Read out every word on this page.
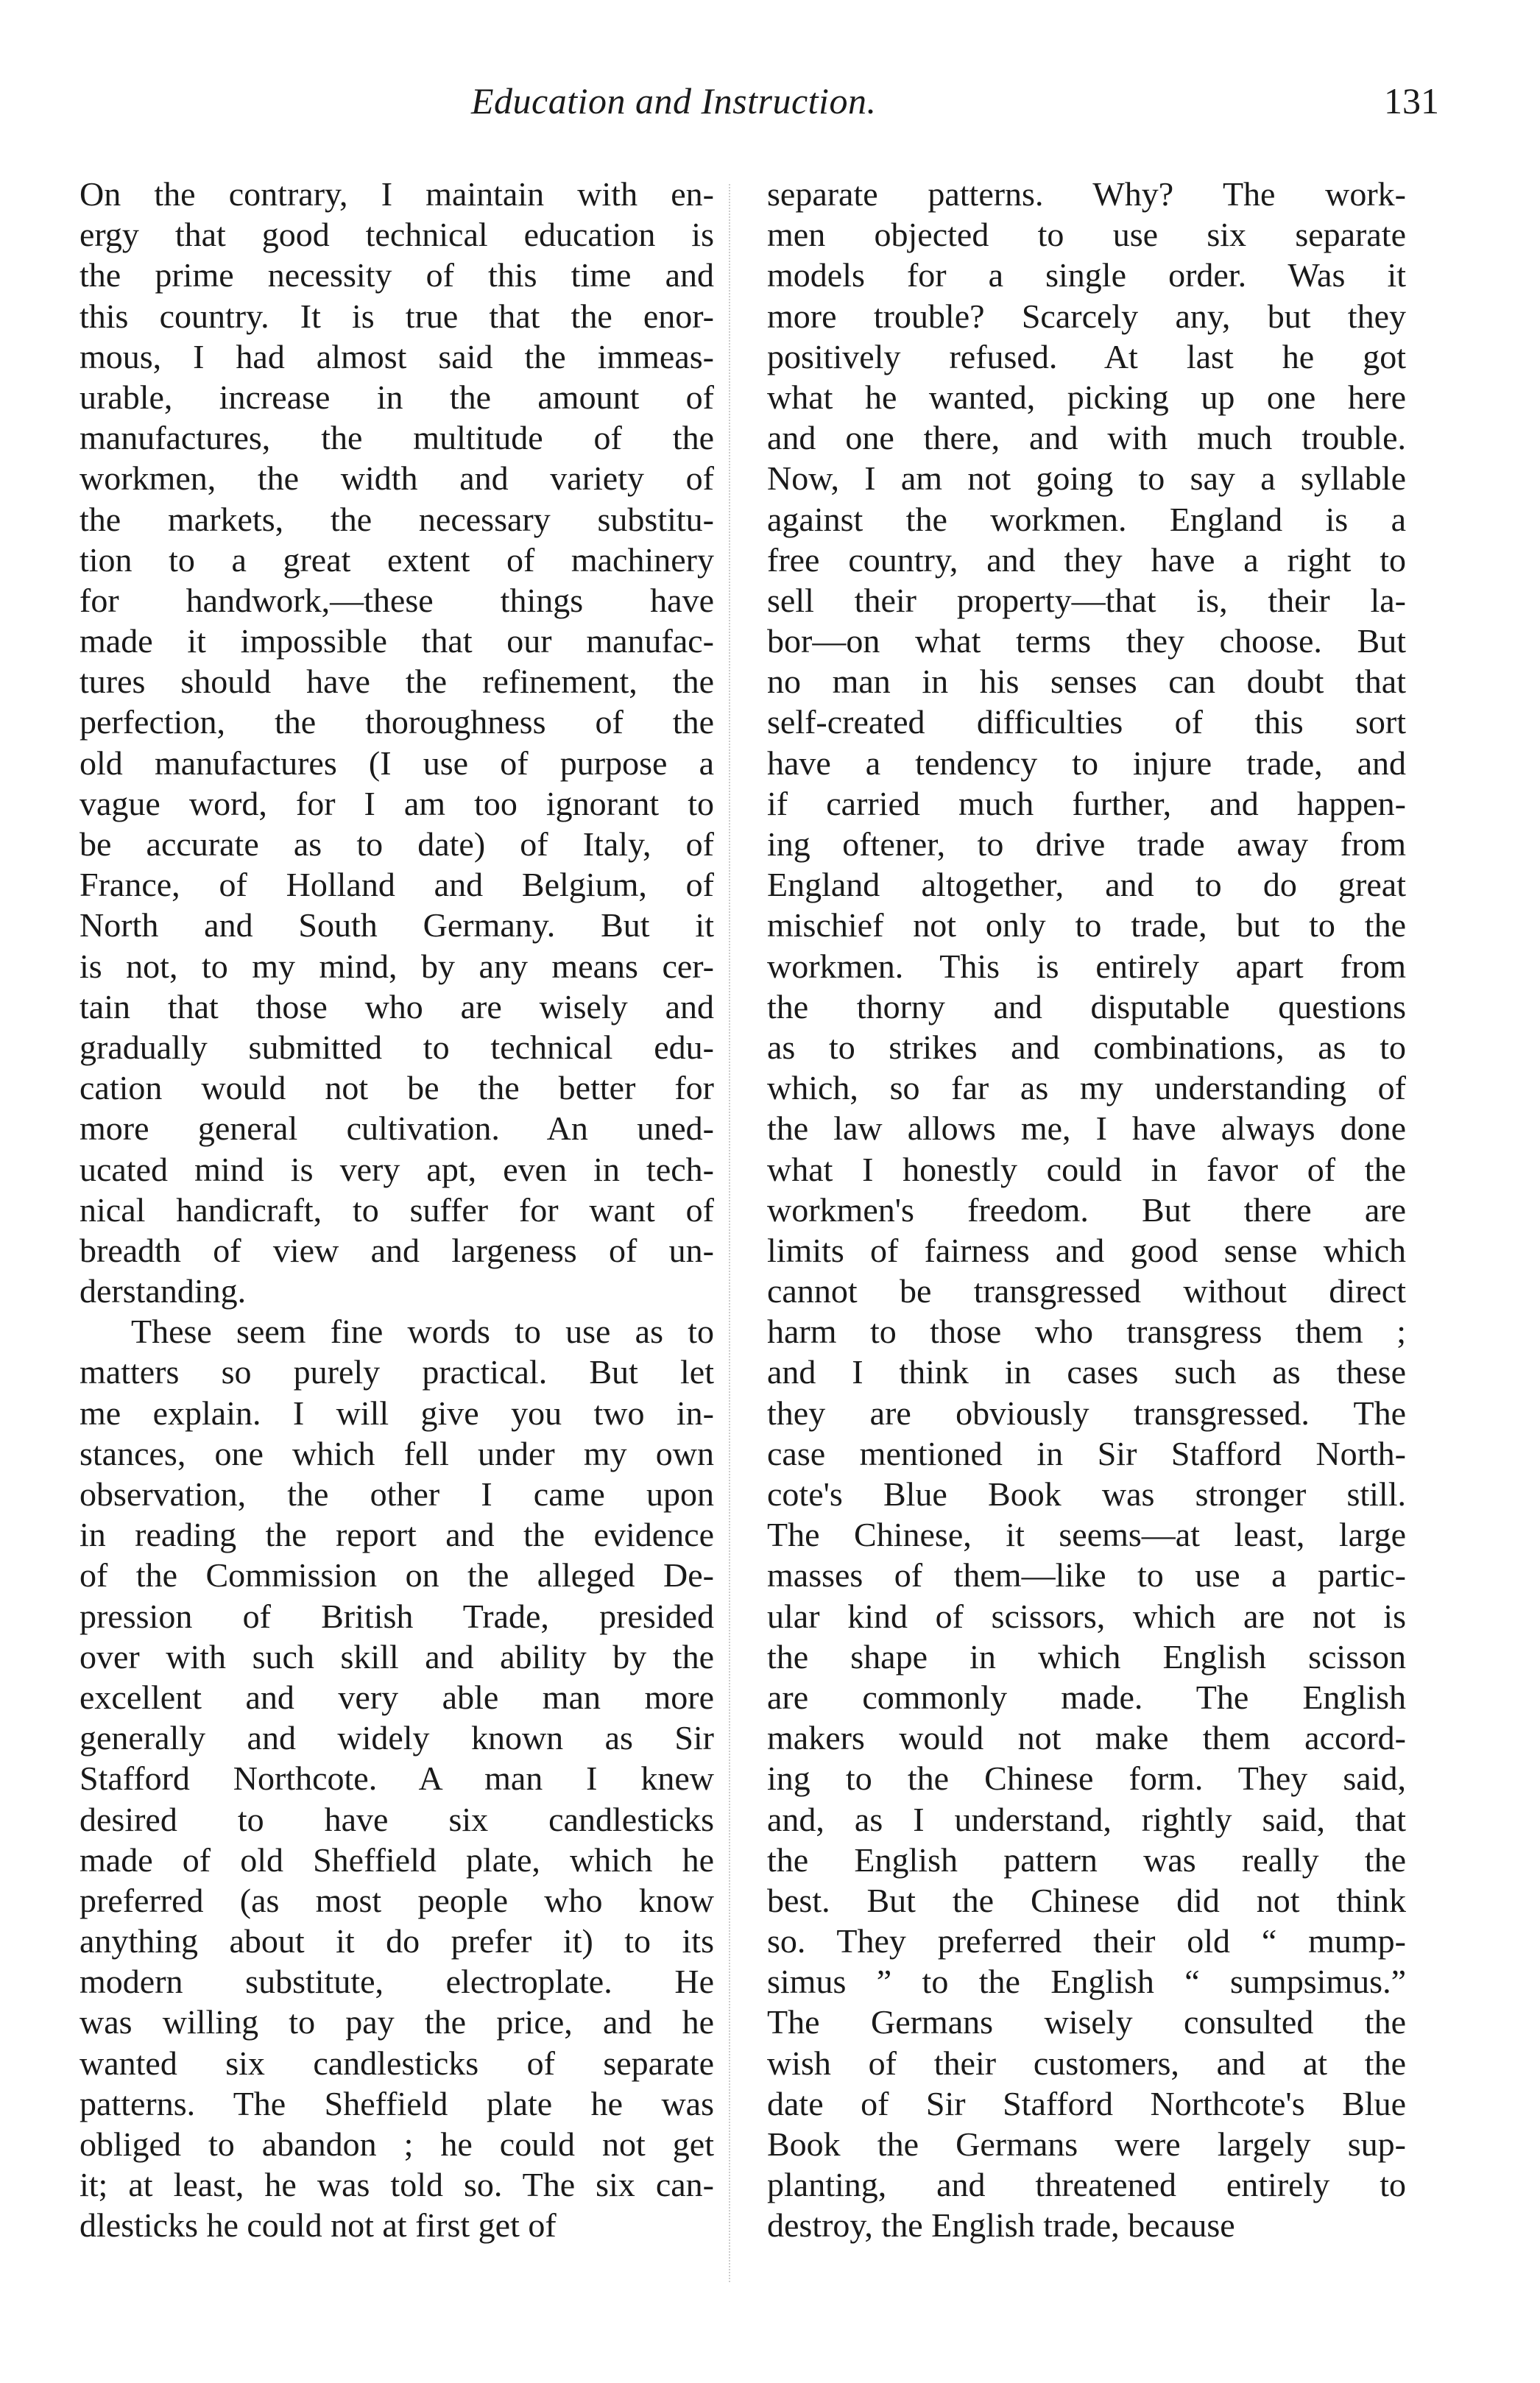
Education and Instruction.	131
On the contrary, I maintain with en-
ergy that good technical education is
the prime necessity of this time and
this country. It is true that the enor-
mous, I had almost said the immeas-
urable, increase in the amount of
manufactures, the multitude of the
workmen, the width and variety of
the markets, the necessary substitu-
tion to a great extent of machinery
for handwork,—these things have
made it impossible that our manufac-
tures should have the refinement, the
perfection, the thoroughness of the
old manufactures (I use of purpose a
vague word, for I am too ignorant to
be accurate as to date) of Italy, of
France, of Holland and Belgium, of
North and South Germany. But it
is not, to my mind, by any means cer-
tain that those who are wisely and
gradually submitted to technical edu-
cation would not be the better for
more general cultivation. An uned-
ucated mind is very apt, even in tech-
nical handicraft, to suffer for want of
breadth of view and largeness of un-
derstanding.
These seem fine words to use as to
matters so purely practical. But let
me explain. I will give you two in-
stances, one which fell under my own
observation, the other I came upon
in reading the report and the evidence
of the Commission on the alleged De-
pression of British Trade, presided
over with such skill and ability by the
excellent and very able man more
generally and widely known as Sir
Stafford Northcote. A man I knew
desired to have six candlesticks
made of old Sheffield plate, which he
preferred (as most people who know
anything about it do prefer it) to its
modern substitute, electroplate. He
was willing to pay the price, and he
wanted six candlesticks of separate
patterns. The Sheffield plate he was
obliged to abandon ; he could not get
it; at least, he was told so. The six can-
dlesticks he could not at first get of
separate patterns. Why? The work-
men objected to use six separate
models for a single order. Was it
more trouble? Scarcely any, but they
positively refused. At last he got
what he wanted, picking up one here
and one there, and with much trouble.
Now, I am not going to say a syllable
against the workmen. England is a
free country, and they have a right to
sell their property—that is, their la-
bor—on what terms they choose. But
no man in his senses can doubt that
self-created difficulties of this sort
have a tendency to injure trade, and
if carried much further, and happen-
ing oftener, to drive trade away from
England altogether, and to do great
mischief not only to trade, but to the
workmen. This is entirely apart from
the thorny and disputable questions
as to strikes and combinations, as to
which, so far as my understanding of
the law allows me, I have always done
what I honestly could in favor of the
workmen's freedom. But there are
limits of fairness and good sense which
cannot be transgressed without direct
harm to those who transgress them ;
and I think in cases such as these
they are obviously transgressed. The
case mentioned in Sir Stafford North-
cote's Blue Book was stronger still.
The Chinese, it seems—at least, large
masses of them—like to use a partic-
ular kind of scissors, which are not is
the shape in which English scisson
are commonly made. The English
makers would not make them accord-
ing to the Chinese form. They said,
and, as I understand, rightly said, that
the English pattern was really the
best. But the Chinese did not think
so. They preferred their old “ mump-
simus ” to the English “ sumpsimus.”
The Germans wisely consulted the
wish of their customers, and at the
date of Sir Stafford Northcote's Blue
Book the Germans were largely sup-
planting, and threatened entirely to
destroy, the English trade, because
